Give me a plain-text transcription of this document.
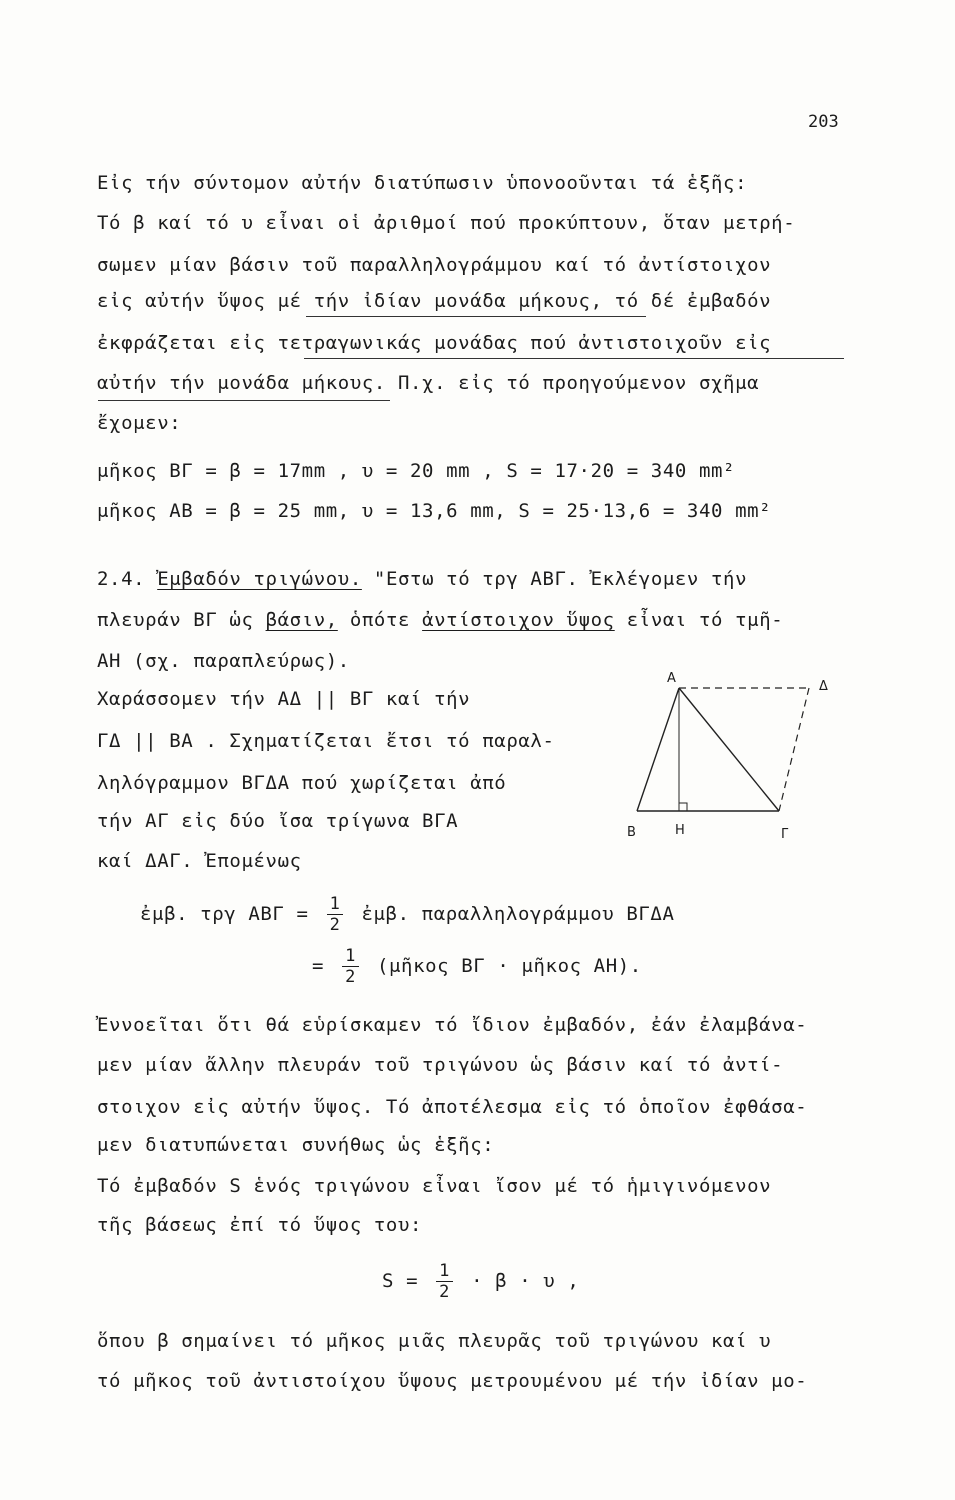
203
Εἰς τήν σύντομον αὐτήν διατύπωσιν ὑπονοοῦνται τά ἑξῆς:
Τό β καί τό υ εἶναι οἱ ἀριθμοί πού προκύπτουν, ὅταν μετρή-
σωμεν μίαν βάσιν τοῦ παραλληλογράμμου καί τό ἀντίστοιχον
εἰς αὐτήν ὕψος μέ τήν ἰδίαν μονάδα μήκους, τό δέ ἐμβαδόν
ἐκφράζεται εἰς τετραγωνικάς μονάδας πού ἀντιστοιχοῦν εἰς
αὐτήν τήν μονάδα μήκους. Π.χ. εἰς τό προηγούμενον σχῆμα
ἔχομεν:
μῆκος ΒΓ = β = 17mm , υ = 20 mm , S = 17·20 = 340 mm²
μῆκος ΑΒ = β = 25 mm, υ = 13,6 mm, S = 25·13,6 = 340 mm²
2.4. Ἐμβαδόν τριγώνου. "Εστω τό τργ ΑΒΓ. Ἐκλέγομεν τήν
πλευράν ΒΓ ὡς βάσιν, ὁπότε ἀντίστοιχον ὕψος εἶναι τό τμῆ-
ΑΗ (σχ. παραπλεύρως).
Χαράσσομεν τήν ΑΔ || ΒΓ καί τήν
ΓΔ || ΒΑ . Σχηματίζεται ἔτσι τό παραλ-
ληλόγραμμον ΒΓΔΑ πού χωρίζεται ἀπό
τήν ΑΓ εἰς δύο ἴσα τρίγωνα ΒΓΑ
καί ΔΑΓ. Ἐπομένως
Α
Δ
Β	Η	Γ
ἐμβ. τργ $AB\Gamma = \frac{1}{2}$ ἐμβ. παραλληλογράμμου ΒΓΔΑ
= $\frac{1}{2}$ (μῆκος ΒΓ · μῆκος ΑΗ).
Ἐννοεῖται ὅτι θά εὑρίσκαμεν τό ἴδιον ἐμβαδόν, ἐάν ἐλαμβάνα-
μεν μίαν ἄλλην πλευράν τοῦ τριγώνου ὡς βάσιν καί τό ἀντί-
στοιχον εἰς αὐτήν ὕψος. Τό ἀποτέλεσμα εἰς τό ὁποῖον ἐφθάσα-
μεν διατυπώνεται συνήθως ὡς ἑξῆς:
Τό ἐμβαδόν S ἑνός τριγώνου εἶναι ἴσον μέ τό ἡμιγινόμενον
τῆς βάσεως ἐπί τό ὕψος του:
$S = \frac{1}{2} \cdot \beta \cdot \upsilon$ ,
ὅπου β σημαίνει τό μῆκος μιᾶς πλευρᾶς τοῦ τριγώνου καί υ
τό μῆκος τοῦ ἀντιστοίχου ὕψους μετρουμένου μέ τήν ἰδίαν μο-
